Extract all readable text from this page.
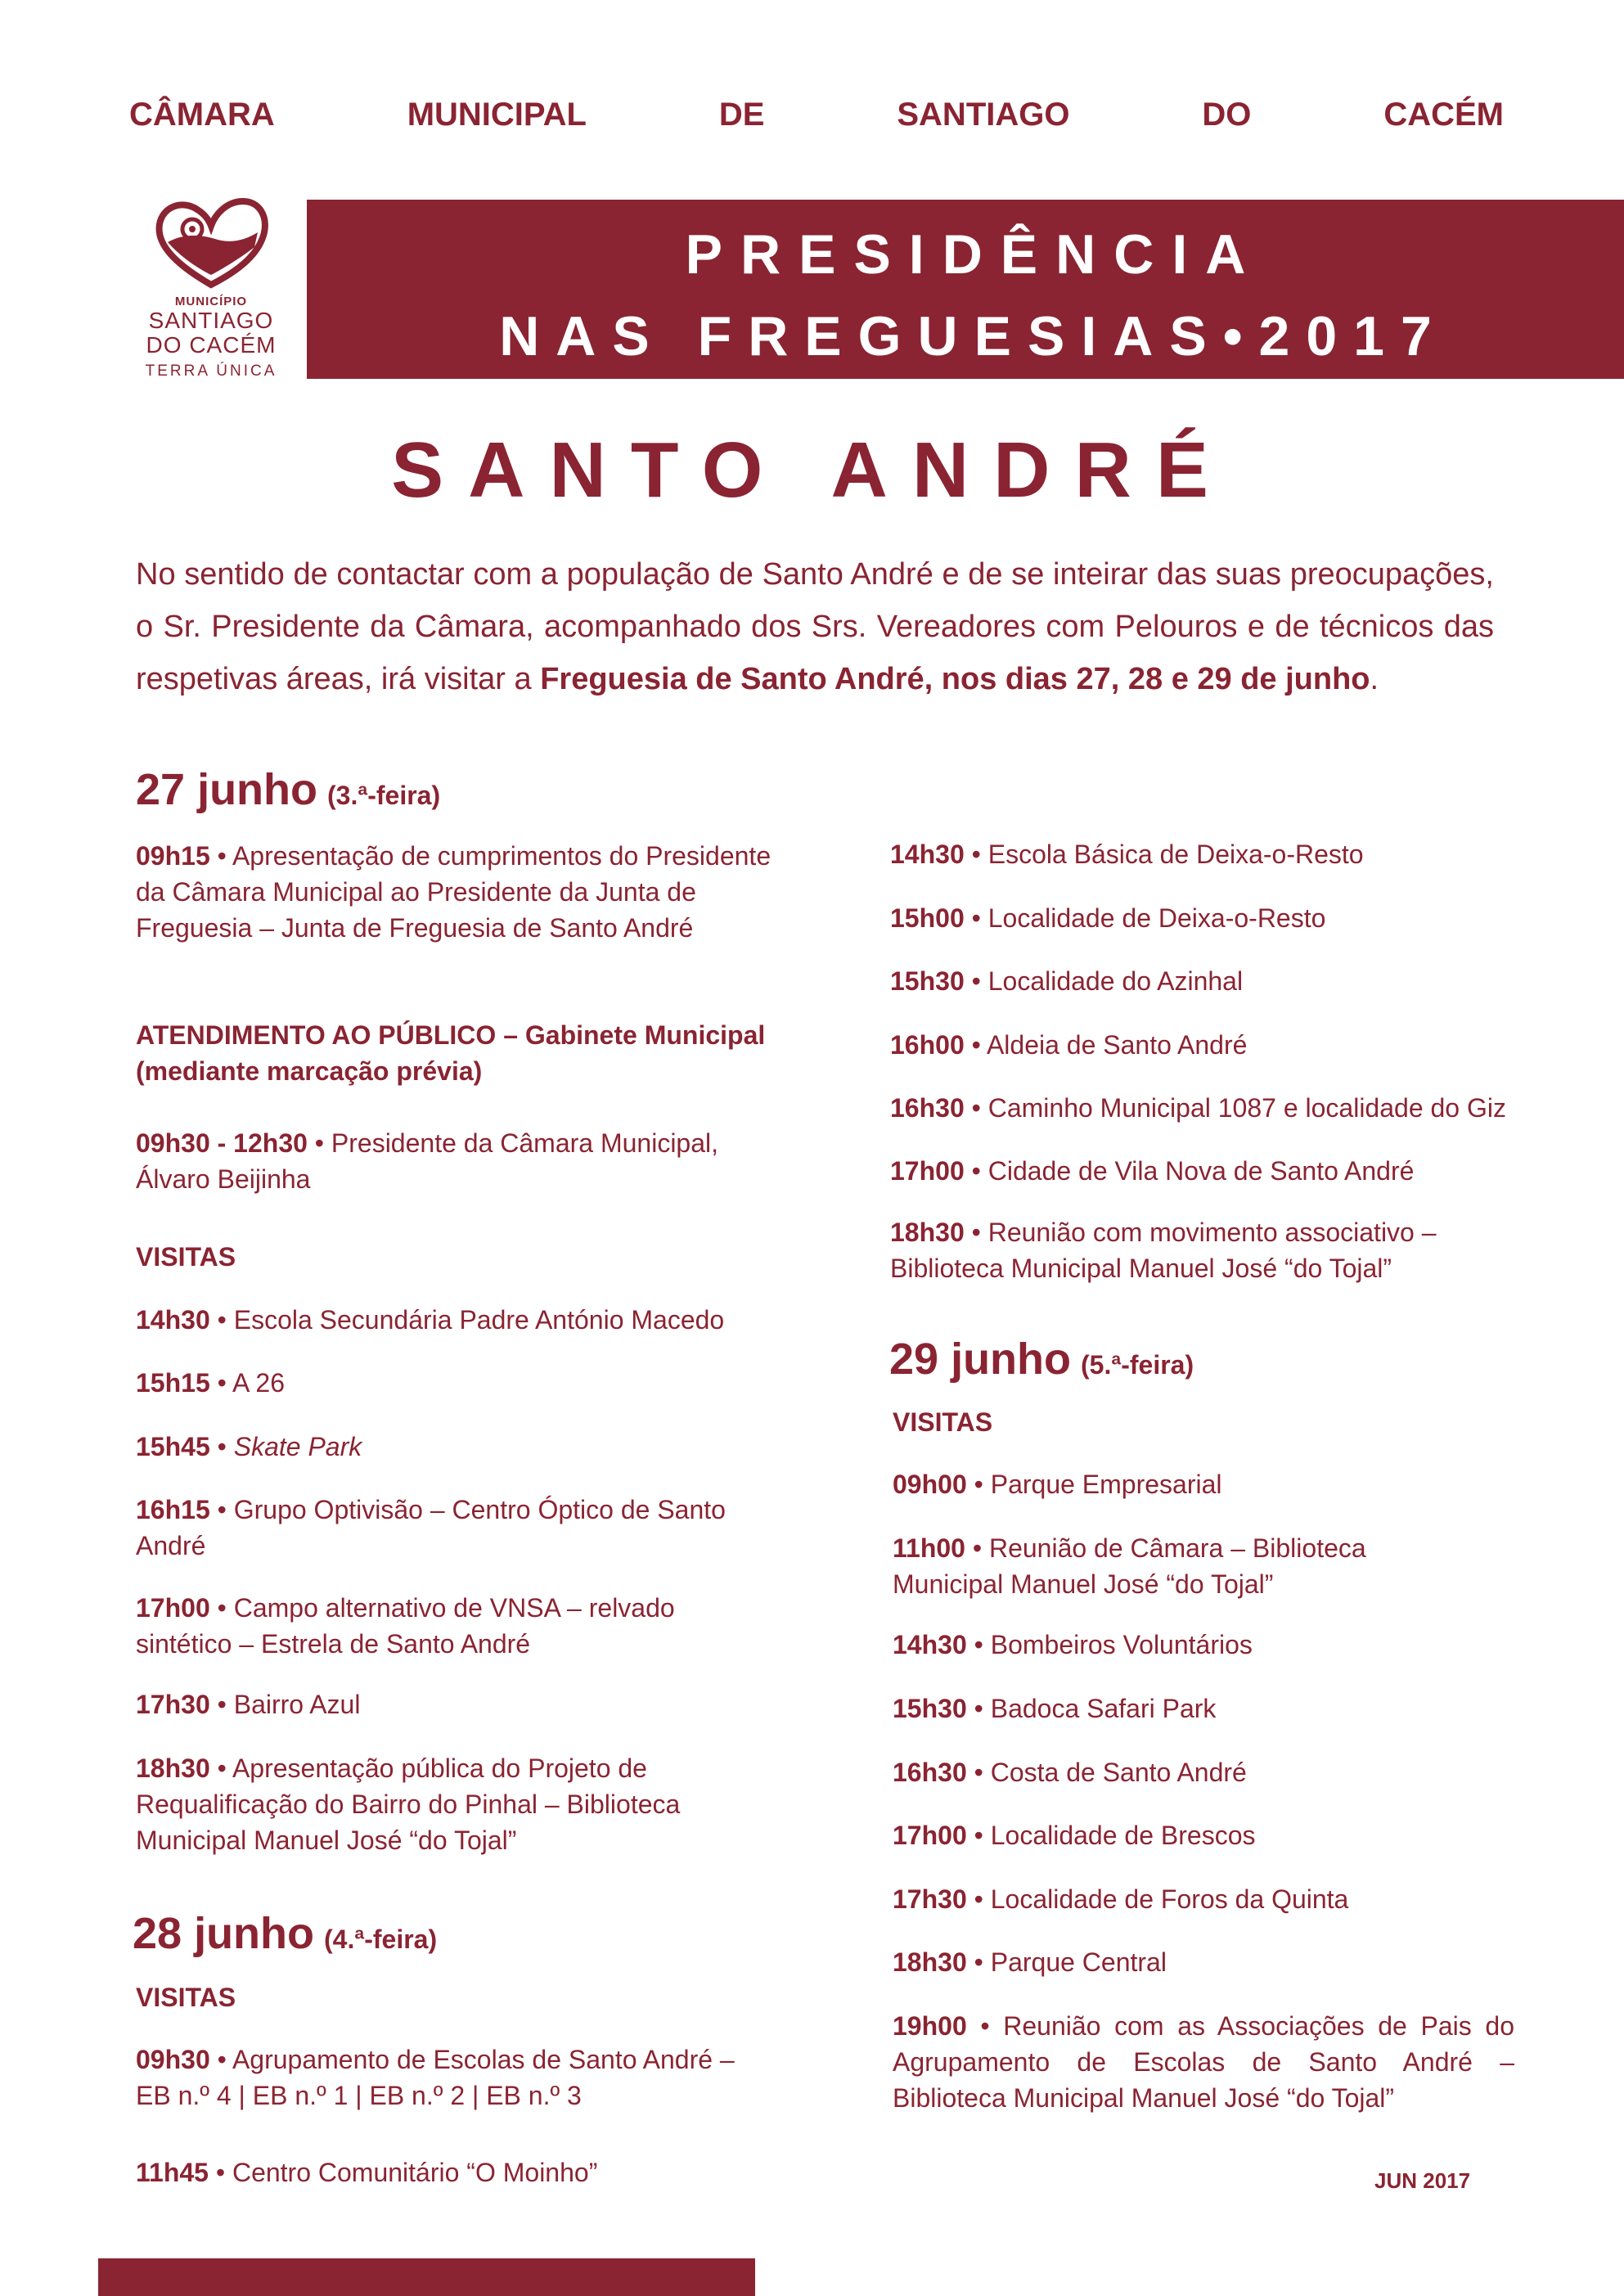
CÂMARA	MUNICIPAL	DE	SANTIAGO	DO	CACÉM
MUNICÍPIO
SANTIAGO
DO CACÉM
TERRA ÚNICA
PRESIDÊNCIA
NAS FREGUESIAS•2017
SANTO ANDRÉ
No sentido de contactar com a população de Santo André e de se inteirar das suas preocupações, o Sr. Presidente da Câmara, acompanhado dos Srs. Vereadores com Pelouros e de técnicos das respetivas áreas, irá visitar a Freguesia de Santo André, nos dias 27, 28 e 29 de junho.
27 junho (3.ª-feira)
09h15 • Apresentação de cumprimentos do Presidente da Câmara Municipal ao Presidente da Junta de Freguesia – Junta de Freguesia de Santo André
ATENDIMENTO AO PÚBLICO – Gabinete Municipal (mediante marcação prévia)
09h30 - 12h30 • Presidente da Câmara Municipal, Álvaro Beijinha
VISITAS
14h30 • Escola Secundária Padre António Macedo
15h15 • A 26
15h45 • Skate Park
16h15 • Grupo Optivisão – Centro Óptico de Santo André
17h00 • Campo alternativo de VNSA – relvado sintético – Estrela de Santo André
17h30 • Bairro Azul
18h30 • Apresentação pública do Projeto de Requalificação do Bairro do Pinhal – Biblioteca Municipal Manuel José “do Tojal”
28 junho (4.ª-feira)
VISITAS
09h30 • Agrupamento de Escolas de Santo André – EB n.º 4 | EB n.º 1 | EB n.º 2 | EB n.º 3
11h45 • Centro Comunitário “O Moinho”
14h30 • Escola Básica de Deixa-o-Resto
15h00 • Localidade de Deixa-o-Resto
15h30 • Localidade do Azinhal
16h00 • Aldeia de Santo André
16h30 • Caminho Municipal 1087 e localidade do Giz
17h00 • Cidade de Vila Nova de Santo André
18h30 • Reunião com movimento associativo – Biblioteca Municipal Manuel José “do Tojal”
29 junho (5.ª-feira)
VISITAS
09h00 • Parque Empresarial
11h00 • Reunião de Câmara – Biblioteca Municipal Manuel José “do Tojal”
14h30 • Bombeiros Voluntários
15h30 • Badoca Safari Park
16h30 • Costa de Santo André
17h00 • Localidade de Brescos
17h30 • Localidade de Foros da Quinta
18h30 • Parque Central
19h00 • Reunião com as Associações de Pais do Agrupamento de Escolas de Santo André – Biblioteca Municipal Manuel José “do Tojal”
JUN 2017
